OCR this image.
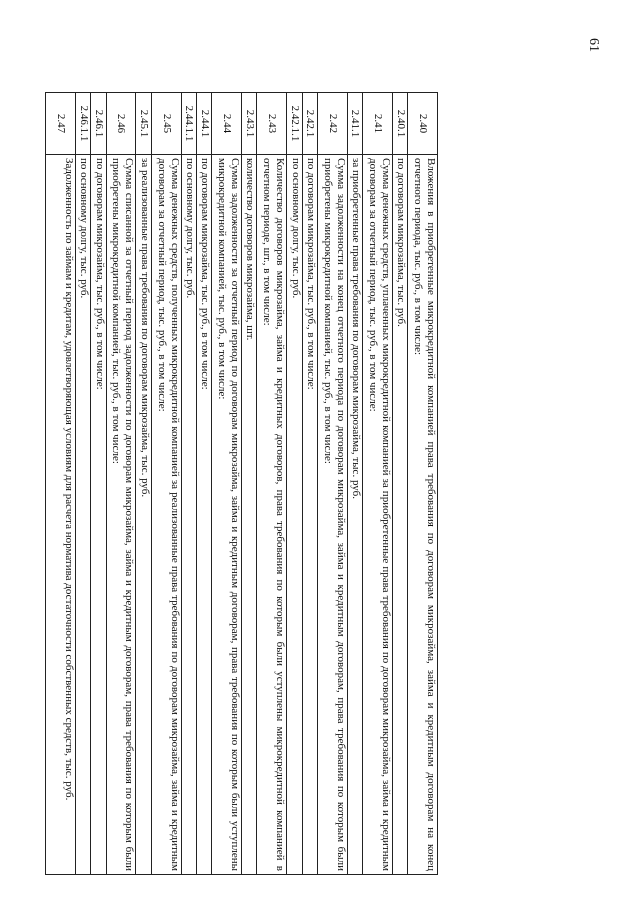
61
2.40	Вложения в приобретенные микрокредитной компанией права требования по договорам микрозайма, займа и кредитным договорам на конец отчетного периода, тыс. руб., в том числе:
2.40.1	по договорам микрозайма, тыс. руб.
2.41	Сумма денежных средств, уплаченных микрокредитной компанией за приобретенные права требования по договорам микрозайма, займа и кредитным договорам за отчетный период, тыс. руб., в том числе:
2.41.1	за приобретенные права требования по договорам микрозайма, тыс. руб.
2.42	Сумма задолженности на конец отчетного периода по договорам микрозайма, займа и кредитным договорам, права требования по которым были приобретены микрокредитной компанией, тыс. руб., в том числе:
2.42.1	по договорам микрозайма, тыс. руб., в том числе:
2.42.1.1	по основному долгу, тыс. руб.
2.43	Количество договоров микрозайма, займа и кредитных договоров, права требования по которым были уступлены микрокредитной компанией в отчетном периоде, шт., в том числе:
2.43.1	количество договоров микрозайма, шт.
2.44	Сумма задолженности за отчетный период по договорам микрозайма, займа и кредитным договорам, права требования по которым были уступлены микрокредитной компанией, тыс. руб., в том числе:
2.44.1	по договорам микрозайма, тыс. руб., в том числе:
2.44.1.1	по основному долгу, тыс. руб.
2.45	Сумма денежных средств, полученных микрокредитной компанией за реализованные права требования по договорам микрозайма, займа и кредитным договорам за отчетный период, тыс. руб., в том числе:
2.45.1	за реализованные права требования по договорам микрозайма, тыс. руб.
2.46	Сумма списанной за отчетный период задолженности по договорам микрозайма, займа и кредитным договорам, права требования по которым были приобретены микрокредитной компанией, тыс. руб., в том числе:
2.46.1	по договорам микрозайма, тыс. руб., в том числе:
2.46.1.1	по основному долгу, тыс. руб.
2.47	Задолженность по займам и кредитам, удовлетворяющая условиям для расчета норматива достаточности собственных средств, тыс. руб.
